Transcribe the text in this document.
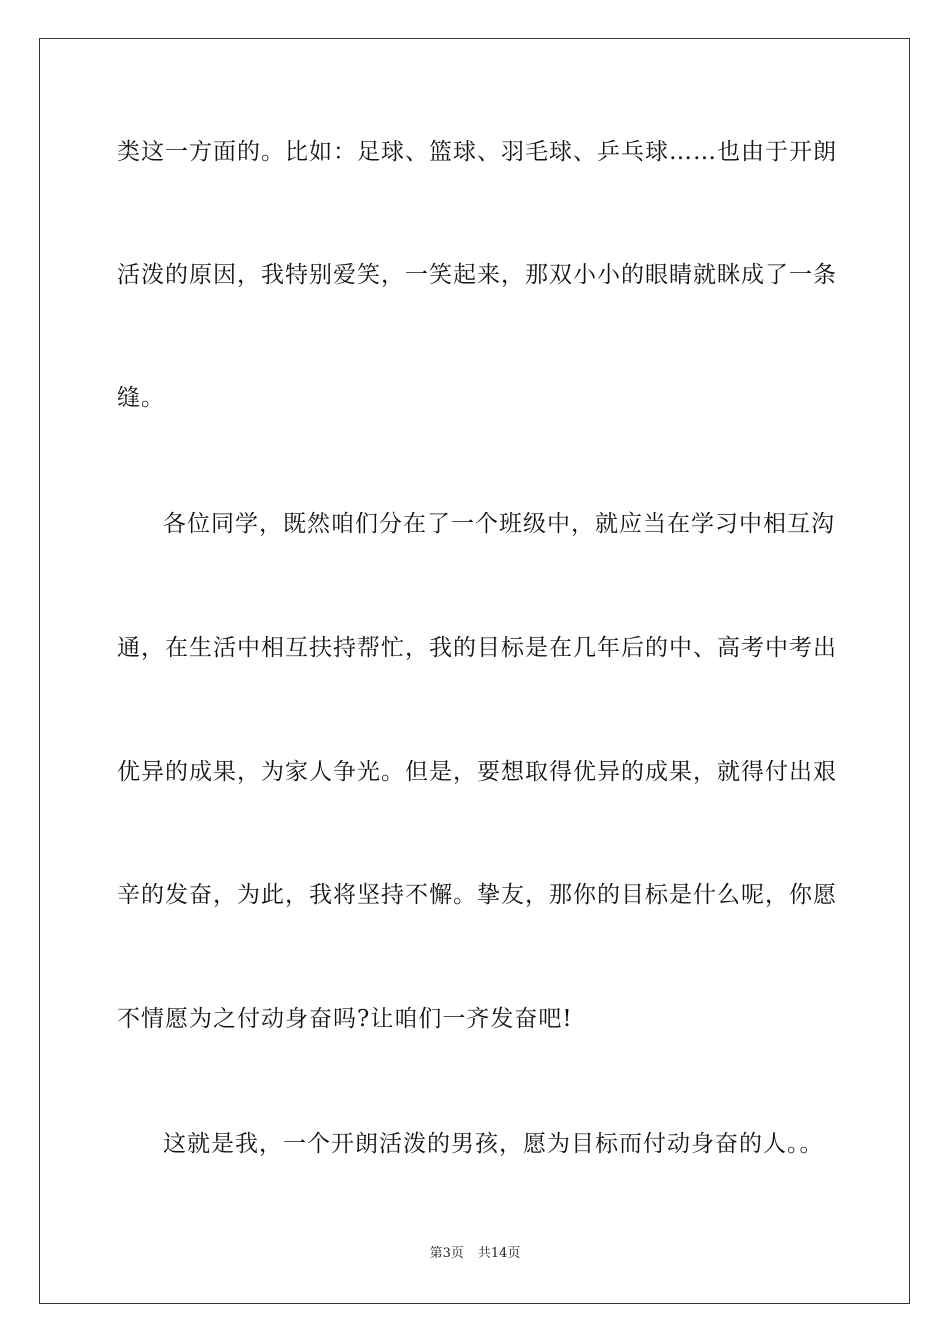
类这一方面的。比如：足球、篮球、羽毛球、乒乓球……也由于开朗
活泼的原因，我特别爱笑，一笑起来，那双小小的眼睛就眯成了一条
缝。
各位同学，既然咱们分在了一个班级中，就应当在学习中相互沟
通，在生活中相互扶持帮忙，我的目标是在几年后的中、高考中考出
优异的成果，为家人争光。但是，要想取得优异的成果，就得付出艰
辛的发奋，为此，我将坚持不懈。挚友，那你的目标是什么呢，你愿
不情愿为之付动身奋吗?让咱们一齐发奋吧!
这就是我，一个开朗活泼的男孩，愿为目标而付动身奋的人。。
第3页 共14页
